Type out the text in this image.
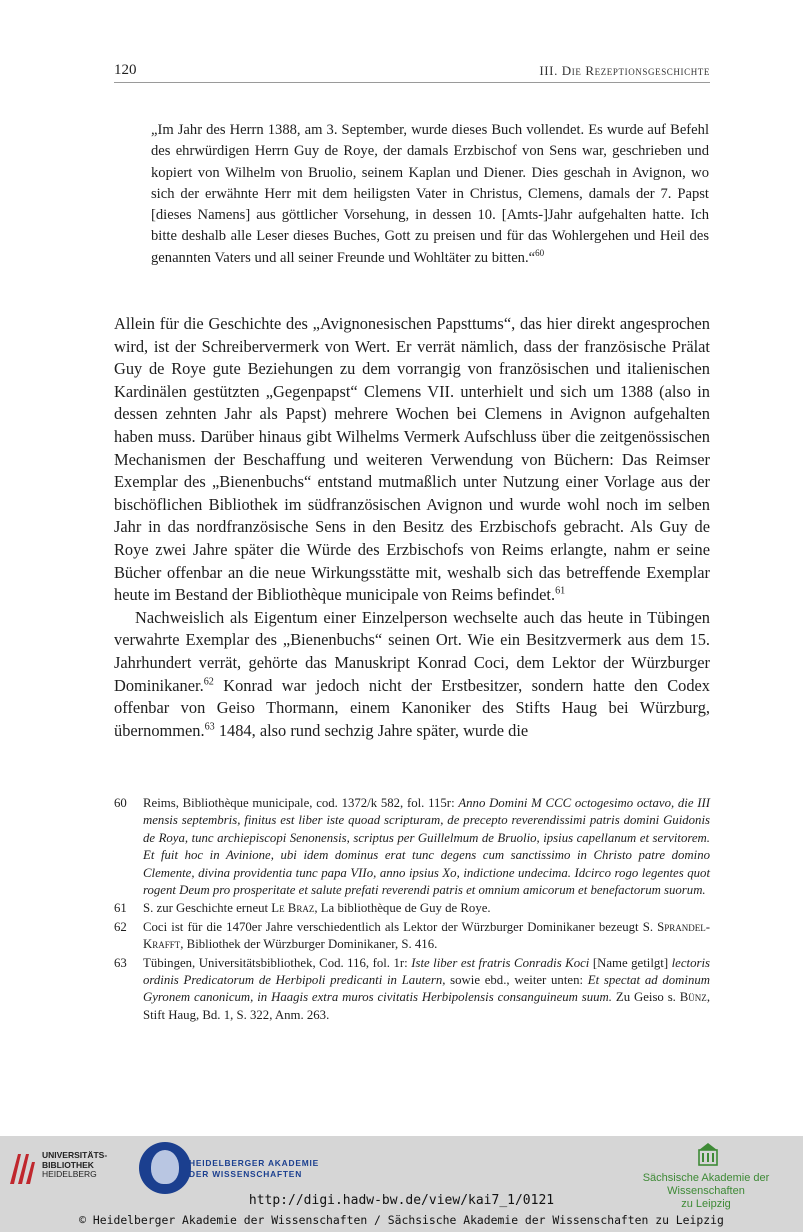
120	III. Die Rezeptionsgeschichte
„Im Jahr des Herrn 1388, am 3. September, wurde dieses Buch vollendet. Es wurde auf Befehl des ehrwürdigen Herrn Guy de Roye, der damals Erzbischof von Sens war, geschrieben und kopiert von Wilhelm von Bruolio, seinem Kaplan und Diener. Dies geschah in Avignon, wo sich der erwähnte Herr mit dem heiligsten Vater in Christus, Clemens, damals der 7. Papst [dieses Namens] aus göttlicher Vorsehung, in dessen 10. [Amts-]Jahr aufgehalten hatte. Ich bitte deshalb alle Leser dieses Buches, Gott zu preisen und für das Wohlergehen und Heil des genannten Vaters und all seiner Freunde und Wohltäter zu bitten.“$^{60}$

Allein für die Geschichte des „Avignonesischen Papsttums“, das hier direkt angesprochen wird, ist der Schreibervermerk von Wert. Er verrät nämlich, dass der französische Prälat Guy de Roye gute Beziehungen zu dem vorrangig von französischen und italienischen Kardinälen gestützten „Gegenpapst“ Clemens VII. unterhielt und sich um 1388 (also in dessen zehnten Jahr als Papst) mehrere Wochen bei Clemens in Avignon aufgehalten haben muss. Darüber hinaus gibt Wilhelms Vermerk Aufschluss über die zeitgenössischen Mechanismen der Beschaffung und weiteren Verwendung von Büchern: Das Reimser Exemplar des „Bienenbuchs“ entstand mutmaßlich unter Nutzung einer Vorlage aus der bischöflichen Bibliothek im südfranzösischen Avignon und wurde wohl noch im selben Jahr in das nordfranzösische Sens in den Besitz des Erzbischofs gebracht. Als Guy de Roye zwei Jahre später die Würde des Erzbischofs von Reims erlangte, nahm er seine Bücher offenbar an die neue Wirkungsstätte mit, weshalb sich das betreffende Exemplar heute im Bestand der Bibliothèque municipale von Reims befindet.$^{61}$

Nachweislich als Eigentum einer Einzelperson wechselte auch das heute in Tübingen verwahrte Exemplar des „Bienenbuchs“ seinen Ort. Wie ein Besitzvermerk aus dem 15. Jahrhundert verrät, gehörte das Manuskript Konrad Coci, dem Lektor der Würzburger Dominikaner.$^{62}$ Konrad war jedoch nicht der Erstbesitzer, sondern hatte den Codex offenbar von Geiso Thormann, einem Kanoniker des Stifts Haug bei Würzburg, übernommen.$^{63}$ 1484, also rund sechzig Jahre später, wurde die

60 Reims, Bibliothèque municipale, cod. 1372/k 582, fol. 115r: Anno Domini M CCC octogesimo octavo, die III mensis septembris, finitus est liber iste quoad scripturam, de precepto reverendissimi patris domini Guidonis de Roya, tunc archiepiscopi Senonensis, scriptus per Guillelmum de Bruolio, ipsius capellanum et servitorem. Et fuit hoc in Avinione, ubi idem dominus erat tunc degens cum sanctissimo in Christo patre domino Clemente, divina providentia tunc papa VIIo, anno ipsius Xo, indictione undecima. Idcirco rogo legentes quot rogent Deum pro prosperitate et salute prefati reverendi patris et omnium amicorum et benefactorum suorum.
61 S. zur Geschichte erneut Le Braz, La bibliothèque de Guy de Roye.
62 Coci ist für die 1470er Jahre verschiedentlich als Lektor der Würzburger Dominikaner bezeugt S. Sprandel-Krafft, Bibliothek der Würzburger Dominikaner, S. 416.
63 Tübingen, Universitätsbibliothek, Cod. 116, fol. 1r: Iste liber est fratris Conradis Koci [Name getilgt] lectoris ordinis Predicatorum de Herbipoli predicanti in Lautern, sowie ebd., weiter unten: Et spectat ad dominum Gyronem canonicum, in Haagis extra muros civitatis Herbipolensis consanguineum suum. Zu Geiso s. Bünz, Stift Haug, Bd. 1, S. 322, Anm. 263.
UNIVERSITÄTS-
BIBLIOTHEK
HEIDELBERG
HEIDELBERGER AKADEMIE
DER WISSENSCHAFTEN	Sächsische Akademie der Wissenschaften
zu Leipzig
http://digi.hadw-bw.de/view/kai7_1/0121
© Heidelberger Akademie der Wissenschaften / Sächsische Akademie der Wissenschaften zu Leipzig
